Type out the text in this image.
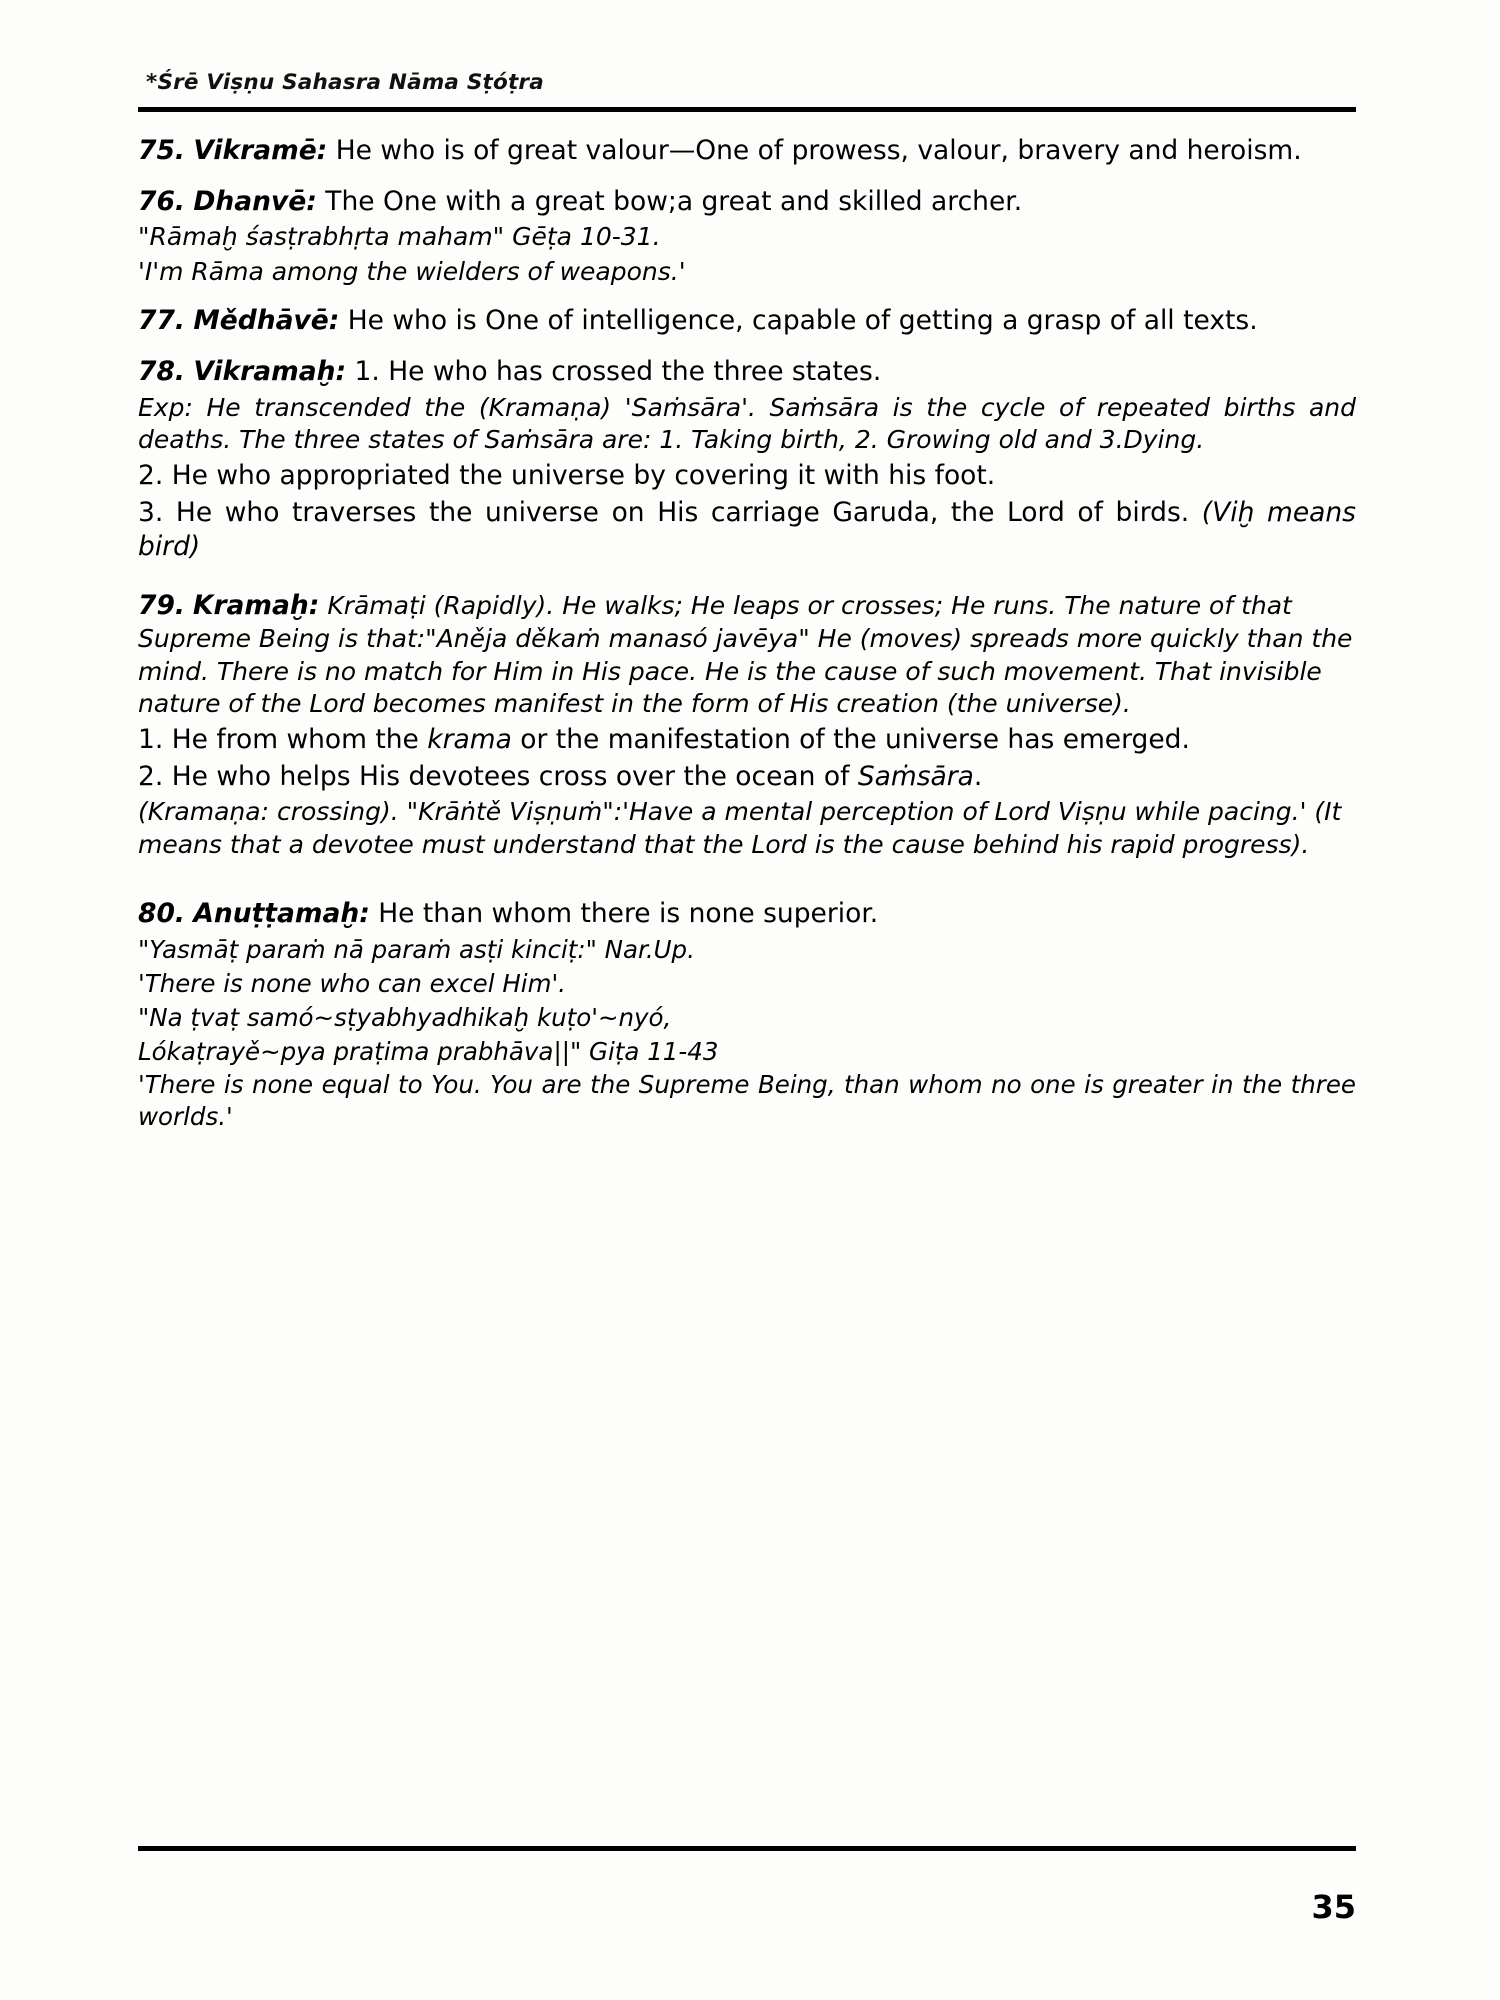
*Śrē Viṣṇu Sahasra Nāma Sṭóṭra

75. Vikramē: He who is of great valour—One of prowess, valour, bravery and heroism.

76. Dhanvē: The One with a great bow;a great and skilled archer.

"Rāmaḫ śasṭrabhṛta maham" Gēṭa 10-31.

'I'm Rāma among the wielders of weapons.'

77. Mědhāvē: He who is One of intelligence, capable of getting a grasp of all texts.

78. Vikramaḫ: 1. He who has crossed the three states.

Exp: He transcended the (Kramaṇa) 'Saṁsāra'. Saṁsāra is the cycle of repeated births and deaths. The three states of Saṁsāra are: 1. Taking birth, 2. Growing old and 3.Dying.

2. He who appropriated the universe by covering it with his foot.

3. He who traverses the universe on His carriage Garuda, the Lord of birds. (Viḫ means bird)

79. Kramaḫ: Krāmaṭi (Rapidly). He walks; He leaps or crosses; He runs. The nature of that Supreme Being is that:"Aněja děkaṁ manasó javēya" He (moves) spreads more quickly than the mind. There is no match for Him in His pace. He is the cause of such movement. That invisible nature of the Lord becomes manifest in the form of His creation (the universe).

1. He from whom the krama or the manifestation of the universe has emerged.

2. He who helps His devotees cross over the ocean of Saṁsāra.

(Kramaṇa: crossing). "Krāṅtě Viṣṇuṁ":'Have a mental perception of Lord Viṣṇu while pacing.' (It means that a devotee must understand that the Lord is the cause behind his rapid progress).

80. Anuṭṭamaḫ: He than whom there is none superior.

"Yasmāṭ paraṁ nā paraṁ asṭi kinciṭ:" Nar.Up.

'There is none who can excel Him'.

"Na ṭvaṭ samó~sṭyabhyadhikaḫ kuṭo'~nyó,

Lókaṭrayě~pya praṭima prabhāva||" Giṭa 11-43

'There is none equal to You. You are the Supreme Being, than whom no one is greater in the three worlds.'

35
